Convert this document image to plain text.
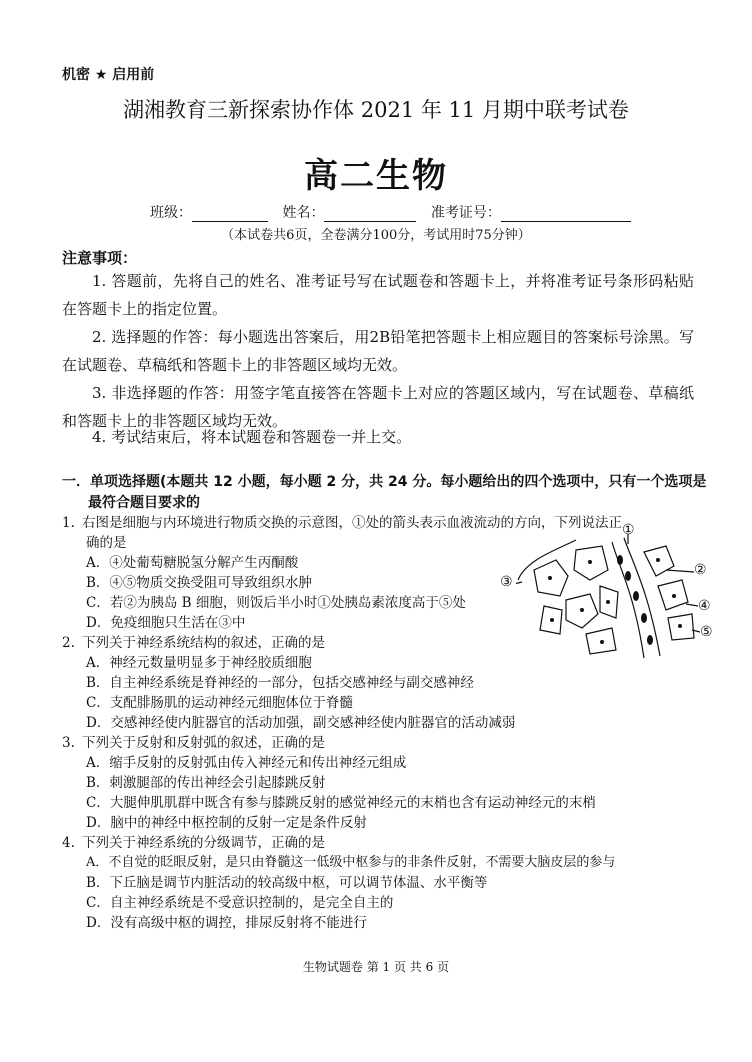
机密 ★ 启用前
湖湘教育三新探索协作体 2021 年 11 月期中联考试卷
高二生物
班级：	姓名：	准考证号：
（本试卷共6页，全卷满分100分，考试用时75分钟）
注意事项：
1. 答题前，先将自己的姓名、准考证号写在试题卷和答题卡上，并将准考证号条形码粘贴在答题卡上的指定位置。
2. 选择题的作答：每小题选出答案后，用2B铅笔把答题卡上相应题目的答案标号涂黑。写在试题卷、草稿纸和答题卡上的非答题区域均无效。
3. 非选择题的作答：用签字笔直接答在答题卡上对应的答题区域内，写在试题卷、草稿纸和答题卡上的非答题区域均无效。
4. 考试结束后，将本试题卷和答题卷一并上交。
一．单项选择题(本题共 12 小题，每小题 2 分，共 24 分。每小题给出的四个选项中，只有一个选项是最符合题目要求的
1. 右图是细胞与内环境进行物质交换的示意图，①处的箭头表示血液流动的方向，下列说法正
确的是
A．④处葡萄糖脱氢分解产生丙酮酸
B．④⑤物质交换受阻可导致组织水肿
C．若②为胰岛 B 细胞，则饭后半小时①处胰岛素浓度高于⑤处
D．免疫细胞只生活在③中
2. 下列关于神经系统结构的叙述，正确的是
A．神经元数量明显多于神经胶质细胞
B．自主神经系统是脊神经的一部分，包括交感神经与副交感神经
C．支配腓肠肌的运动神经元细胞体位于脊髓
D．交感神经使内脏器官的活动加强，副交感神经使内脏器官的活动减弱
3. 下列关于反射和反射弧的叙述，正确的是
A．缩手反射的反射弧由传入神经元和传出神经元组成
B．刺激腿部的传出神经会引起膝跳反射
C．大腿伸肌肌群中既含有参与膝跳反射的感觉神经元的末梢也含有运动神经元的末梢
D．脑中的神经中枢控制的反射一定是条件反射
4. 下列关于神经系统的分级调节，正确的是
A．不自觉的眨眼反射，是只由脊髓这一低级中枢参与的非条件反射，不需要大脑皮层的参与
B．下丘脑是调节内脏活动的较高级中枢，可以调节体温、水平衡等
C．自主神经系统是不受意识控制的，是完全自主的
D．没有高级中枢的调控，排尿反射将不能进行
①
②
③
④
⑤
生物试题卷 第 1 页 共 6 页
